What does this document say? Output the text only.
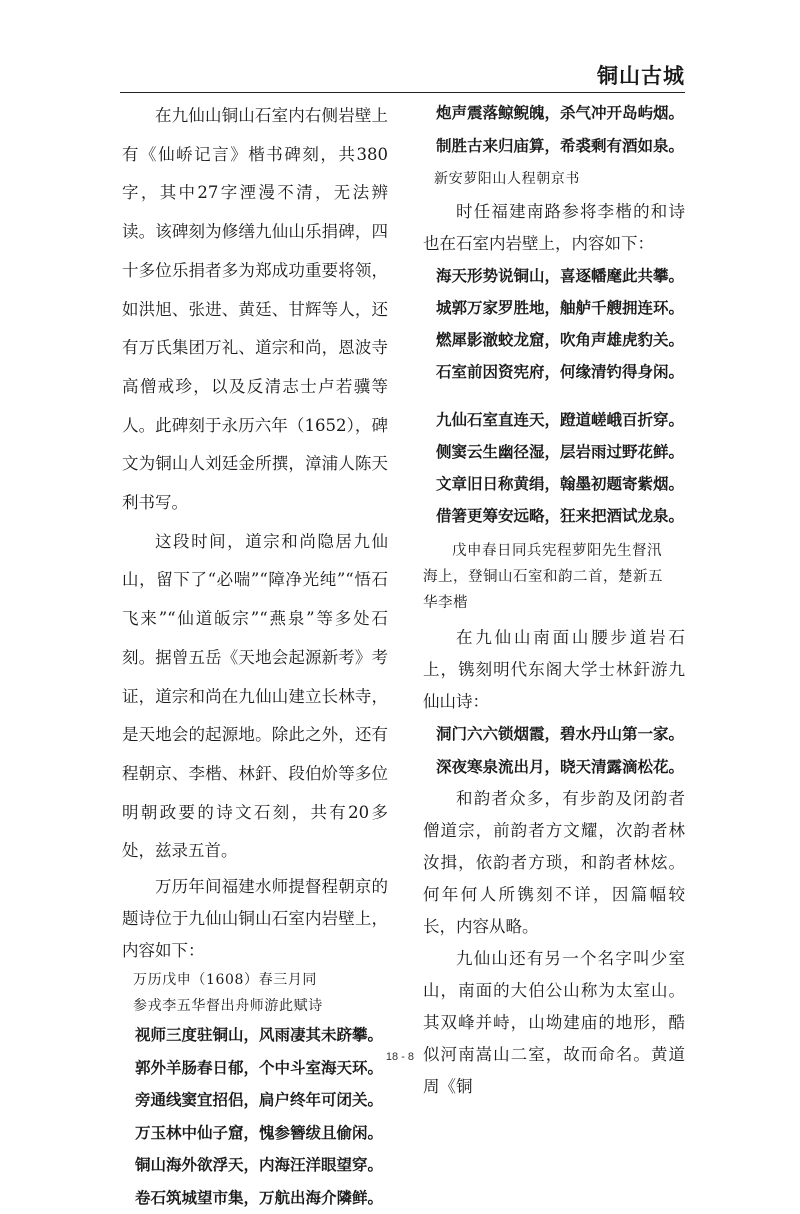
铜山古城

在九仙山铜山石室内右侧岩壁上有《仙峤记言》楷书碑刻，共380字，其中27字湮漫不清，无法辨读。该碑刻为修缮九仙山乐捐碑，四十多位乐捐者多为郑成功重要将领，如洪旭、张进、黄廷、甘辉等人，还有万氏集团万礼、道宗和尚，恩波寺高僧戒珍，以及反清志士卢若骥等人。此碑刻于永历六年（1652），碑文为铜山人刘廷金所撰，漳浦人陈天利书写。

这段时间，道宗和尚隐居九仙山，留下了“必喘”“障净光纯”“悟石飞来”“仙道皈宗”“燕泉”等多处石刻。据曾五岳《天地会起源新考》考证，道宗和尚在九仙山建立长林寺，是天地会的起源地。除此之外，还有程朝京、李楷、林釬、段伯炌等多位明朝政要的诗文石刻，共有20多处，兹录五首。

万历年间福建水师提督程朝京的题诗位于九仙山铜山石室内岩壁上，内容如下：

万历戊申（1608）春三月同

参戎李五华督出舟师游此赋诗

视师三度驻铜山，风雨凄其未跻攀。
郭外羊肠春日郁，个中斗室海天环。
旁通线窦宜招侣，扃户终年可闭关。
万玉林中仙子窟，愧参簪绂且偷闲。
铜山海外欲浮天，内海汪洋眼望穿。
卷石筑城望市集，万航出海介隣鲜。
炮声震落鲸鲵魄，杀气冲开岛屿烟。
制胜古来归庙算，希裘剩有酒如泉。

新安萝阳山人程朝京书

时任福建南路参将李楷的和诗也在石室内岩壁上，内容如下：

海天形势说铜山，喜逐幡麾此共攀。
城郭万家罗胜地，舳舻千艘拥连环。
燃犀影澈蛟龙窟，吹角声雄虎豹关。
石室前因资宪府，何缘清钓得身闲。
九仙石室直连天，蹬道嵯峨百折穿。
侧窦云生幽径湿，层岩雨过野花鲜。
文章旧日称黄绢，翰墨初题寄紫烟。
借箸更筹安远略，狂来把酒试龙泉。
戊申春日同兵宪程萝阳先生督汛
海上，登铜山石室和韵二首，楚新五
华李楷

在九仙山南面山腰步道岩石上，镌刻明代东阁大学士林釬游九仙山诗：

洞门六六锁烟霞，碧水丹山第一家。
深夜寒泉流出月，晓天清露滴松花。

和韵者众多，有步韵及闭韵者僧道宗，前韵者方文耀，次韵者林汝揖，依韵者方琐，和韵者林炫。何年何人所镌刻不详，因篇幅较长，内容从略。

九仙山还有另一个名字叫少室山，南面的大伯公山称为太室山。其双峰并峙，山坳建庙的地形，酷似河南嵩山二室，故而命名。黄道周《铜

18 - 8
